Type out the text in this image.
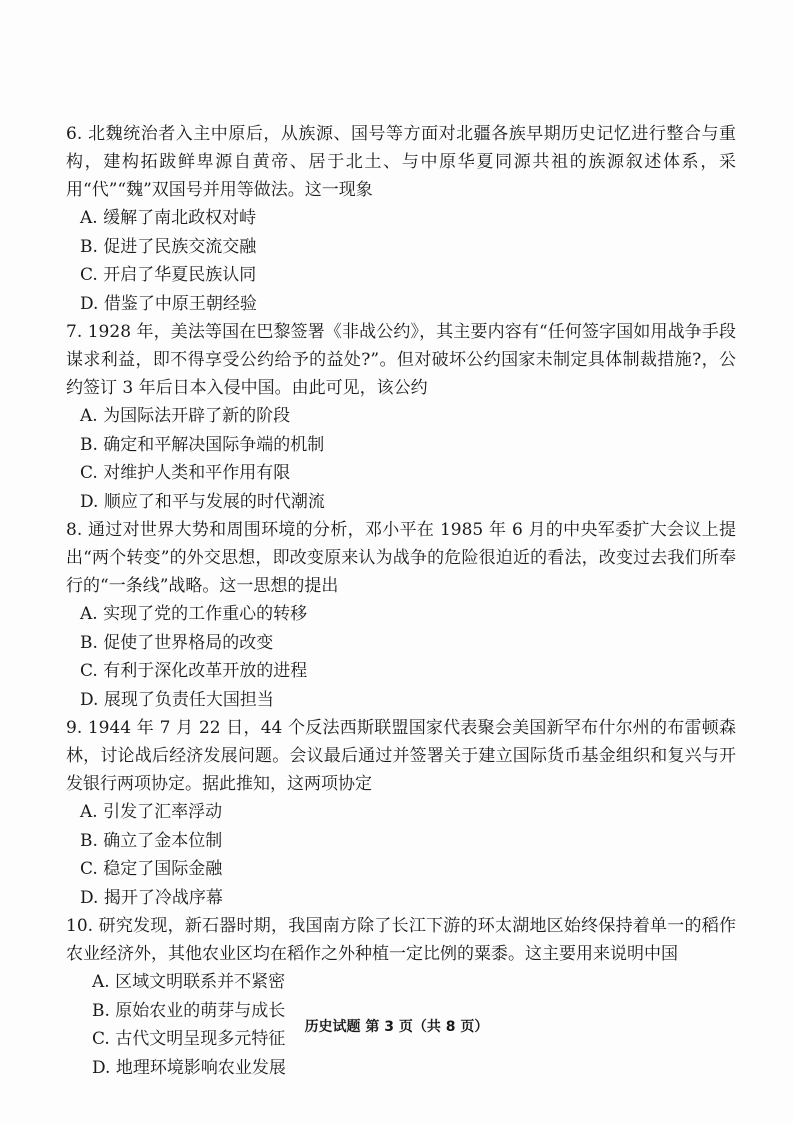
6. 北魏统治者入主中原后，从族源、国号等方面对北疆各族早期历史记忆进行整合与重构，建构拓跋鲜卑源自黄帝、居于北土、与中原华夏同源共祖的族源叙述体系，采用“代”“魏”双国号并用等做法。这一现象

A. 缓解了南北政权对峙
B. 促进了民族交流交融
C. 开启了华夏民族认同
D. 借鉴了中原王朝经验

7. 1928 年，美法等国在巴黎签署《非战公约》，其主要内容有“任何签字国如用战争手段谋求利益，即不得享受公约给予的益处?”。但对破坏公约国家未制定具体制裁措施?，公约签订 3 年后日本入侵中国。由此可见，该公约

A. 为国际法开辟了新的阶段
B. 确定和平解决国际争端的机制
C. 对维护人类和平作用有限
D. 顺应了和平与发展的时代潮流

8. 通过对世界大势和周围环境的分析，邓小平在 1985 年 6 月的中央军委扩大会议上提出“两个转变”的外交思想，即改变原来认为战争的危险很迫近的看法，改变过去我们所奉行的“一条线”战略。这一思想的提出

A. 实现了党的工作重心的转移
B. 促使了世界格局的改变
C. 有利于深化改革开放的进程
D. 展现了负责任大国担当

9. 1944 年 7 月 22 日，44 个反法西斯联盟国家代表聚会美国新罕布什尔州的布雷顿森林，讨论战后经济发展问题。会议最后通过并签署关于建立国际货币基金组织和复兴与开发银行两项协定。据此推知，这两项协定

A. 引发了汇率浮动
B. 确立了金本位制
C. 稳定了国际金融
D. 揭开了冷战序幕

10. 研究发现，新石器时期，我国南方除了长江下游的环太湖地区始终保持着单一的稻作农业经济外，其他农业区均在稻作之外种植一定比例的粟黍。这主要用来说明中国

A. 区域文明联系并不紧密
B. 原始农业的萌芽与成长
C. 古代文明呈现多元特征
D. 地理环境影响农业发展
历史试题 第 3 页（共 8 页）
